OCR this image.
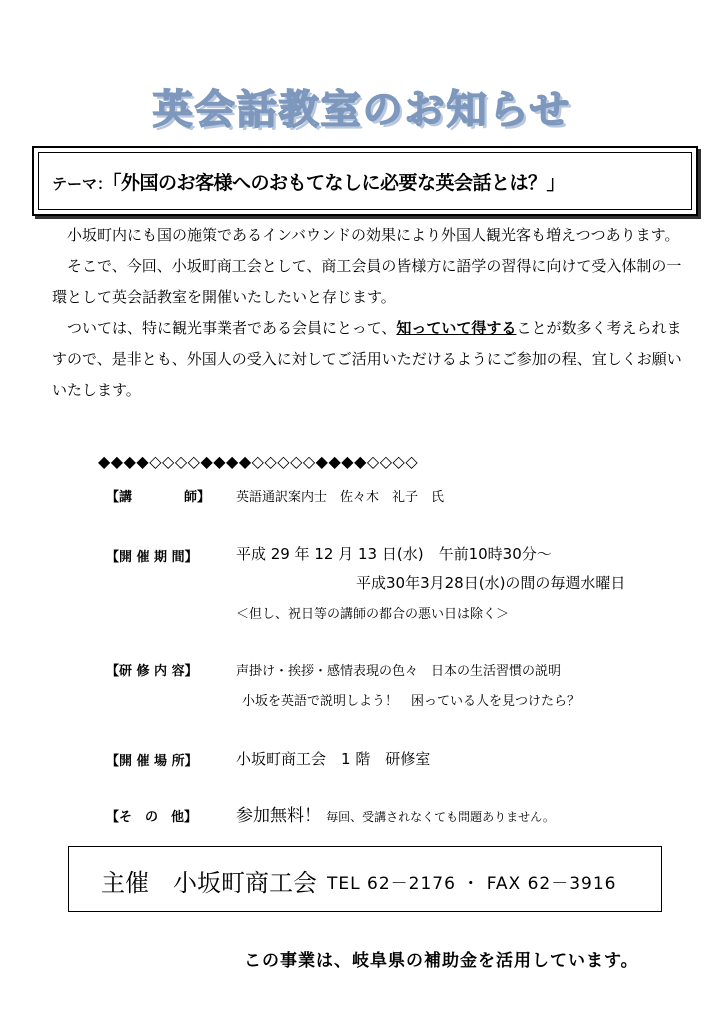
英会話教室のお知らせ
テーマ：「外国のお客様へのおもてなしに必要な英会話とは？」

　小坂町内にも国の施策であるインバウンドの効果により外国人観光客も増えつつあります。

　そこで、今回、小坂町商工会として、商工会員の皆様方に語学の習得に向けて受入体制の一環として英会話教室を開催いたしたいと存じます。

　ついては、特に観光事業者である会員にとって、知っていて得することが数多く考えられますので、是非とも、外国人の受入に対してご活用いただけるようにご参加の程、宜しくお願いいたします。

◆◆◆◆◇◇◇◇◆◆◆◆◇◇◇◇◇◆◆◆◆◇◇◇◇
【講　　　　師】 英語通訳案内士　佐々木　礼子　氏
【開 催 期 間】	平成 29 年 12 月 13 日(水)　午前10時30分～
平成30年3月28日(水)の間の毎週水曜日
＜但し、祝日等の講師の都合の悪い日は除く＞
【研 修 内 容】	声掛け・挨拶・感情表現の色々　日本の生活習慣の説明
小坂を英語で説明しよう！　困っている人を見つけたら？
【開 催 場 所】	小坂町商工会　1 階　研修室
【そ　の　他】 参加無料！ 毎回、受講されなくても問題ありません。
主催　小坂町商工会 TEL 62－2176 ・ FAX 62－3916
この事業は、岐阜県の補助金を活用しています。
